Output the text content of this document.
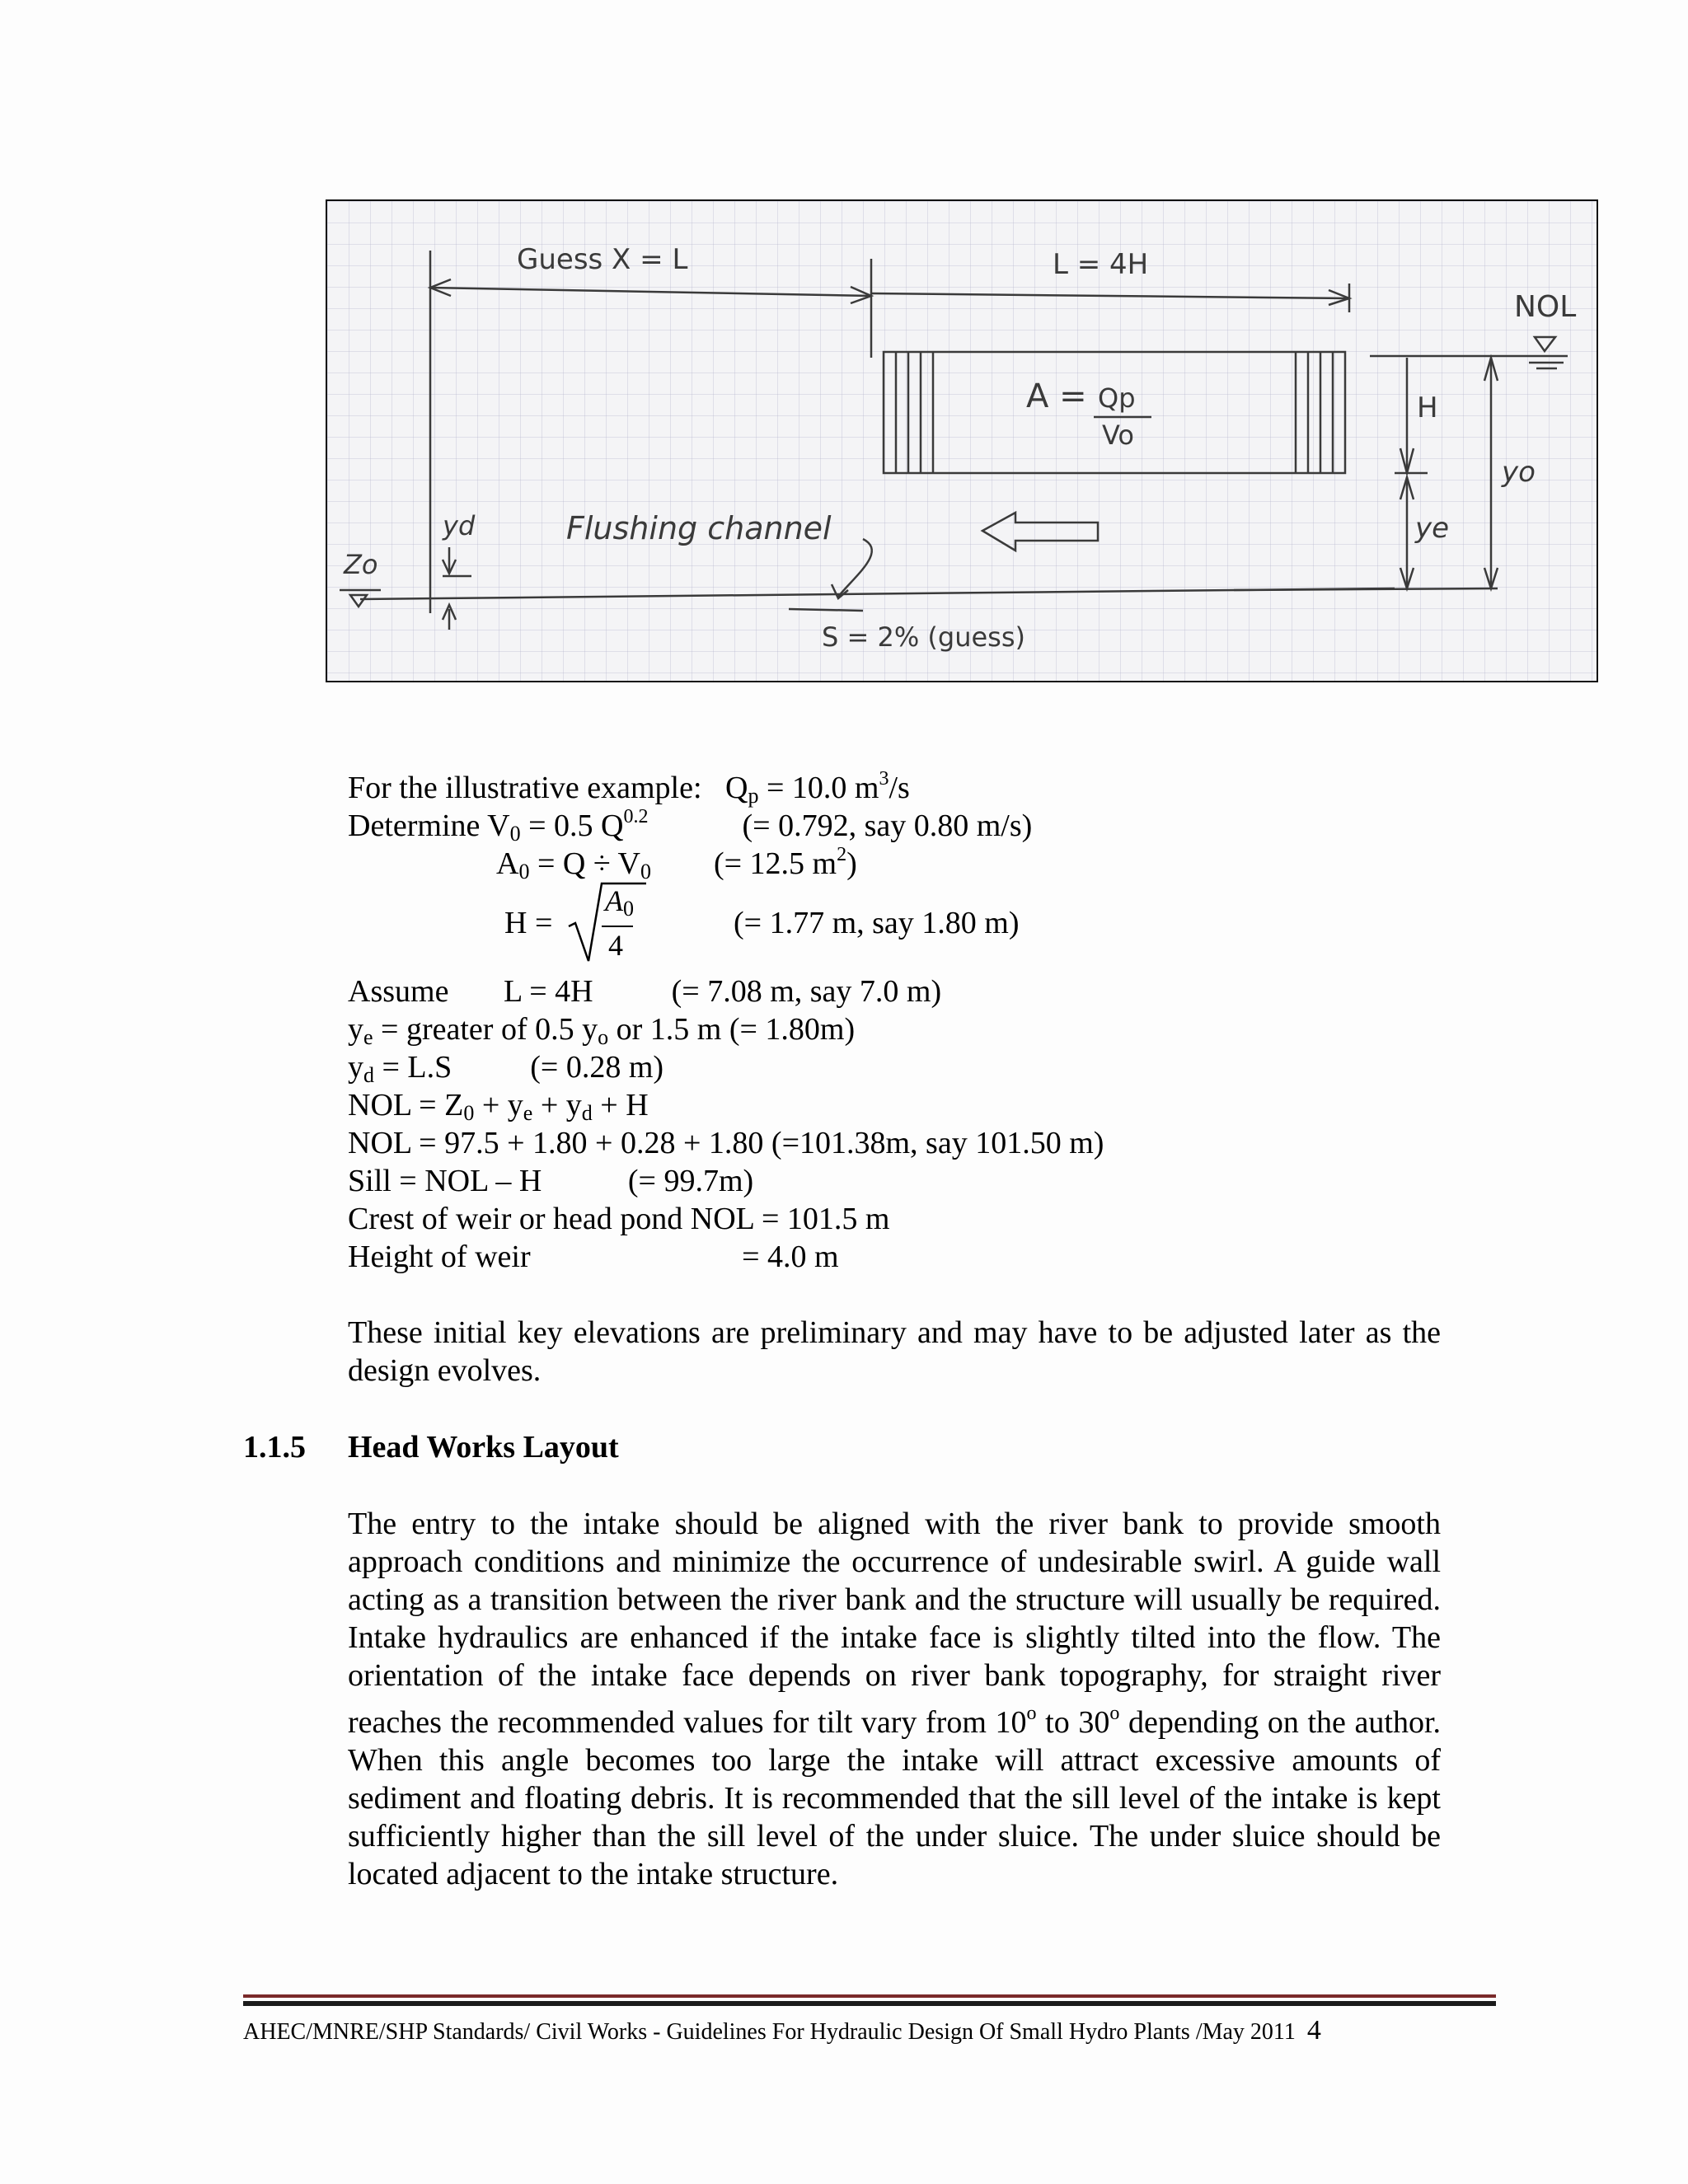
Guess X = L	L = 4H
NOL
A = Qp
Vo
H
yo
ye
yd
Zo
Flushing channel
S = 2% (guess)
For the illustrative example:   $Q_p = 10.0$ $m^3/s$
Determine $V_0 = 0.5$ $Q^{0.2}$            (= 0.792, say 0.80 m/s)
$A_0 = Q \div V_0$        (= 12.5 $m^2$)
H =
$A_0$
4
(= 1.77 m, say 1.80 m)
Assume       L = 4H          (= 7.08 m, say 7.0 m)
$y_e$ = greater of 0.5 $y_o$ or 1.5 m (= 1.80m)
$y_d = L.S$          (= 0.28 m)
NOL = $Z_0 + y_e + y_d + H$
NOL = 97.5 + 1.80 + 0.28 + 1.80 (=101.38m, say 101.50 m)
Sill = NOL – H           (= 99.7m)
Crest of weir or head pond NOL = 101.5 m
Height of weir                           = 4.0 m
These initial key elevations are preliminary and may have to be adjusted later as the design evolves.
1.1.5 Head Works Layout
The entry to the intake should be aligned with the river bank to provide smooth approach conditions and minimize the occurrence of undesirable swirl. A guide wall acting as a transition between the river bank and the structure will usually be required. Intake hydraulics are enhanced if the intake face is slightly tilted into the flow. The orientation of the intake face depends on river bank topography, for straight river reaches the recommended values for tilt vary from 10$^o$ to 30$^o$ depending on the author. When this angle becomes too large the intake will attract excessive amounts of sediment and floating debris. It is recommended that the sill level of the intake is kept sufficiently higher than the sill level of the under sluice. The under sluice should be located adjacent to the intake structure.
AHEC/MNRE/SHP Standards/ Civil Works - Guidelines For Hydraulic Design Of Small Hydro Plants /May 2011  4
